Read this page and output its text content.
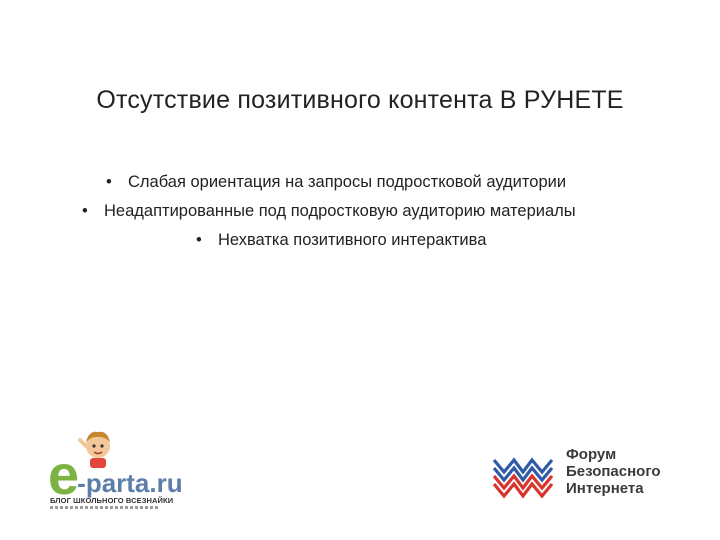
Отсутствие позитивного контента В РУНЕТЕ
• Слабая ориентация на запросы подростковой аудитории
• Неадаптированные под подростковую аудиторию материалы
• Нехватка позитивного интерактива
e
-parta.ru
БЛОГ ШКОЛЬНОГО ВСЕЗНАЙКИ
Форум
Безопасного
Интернета
